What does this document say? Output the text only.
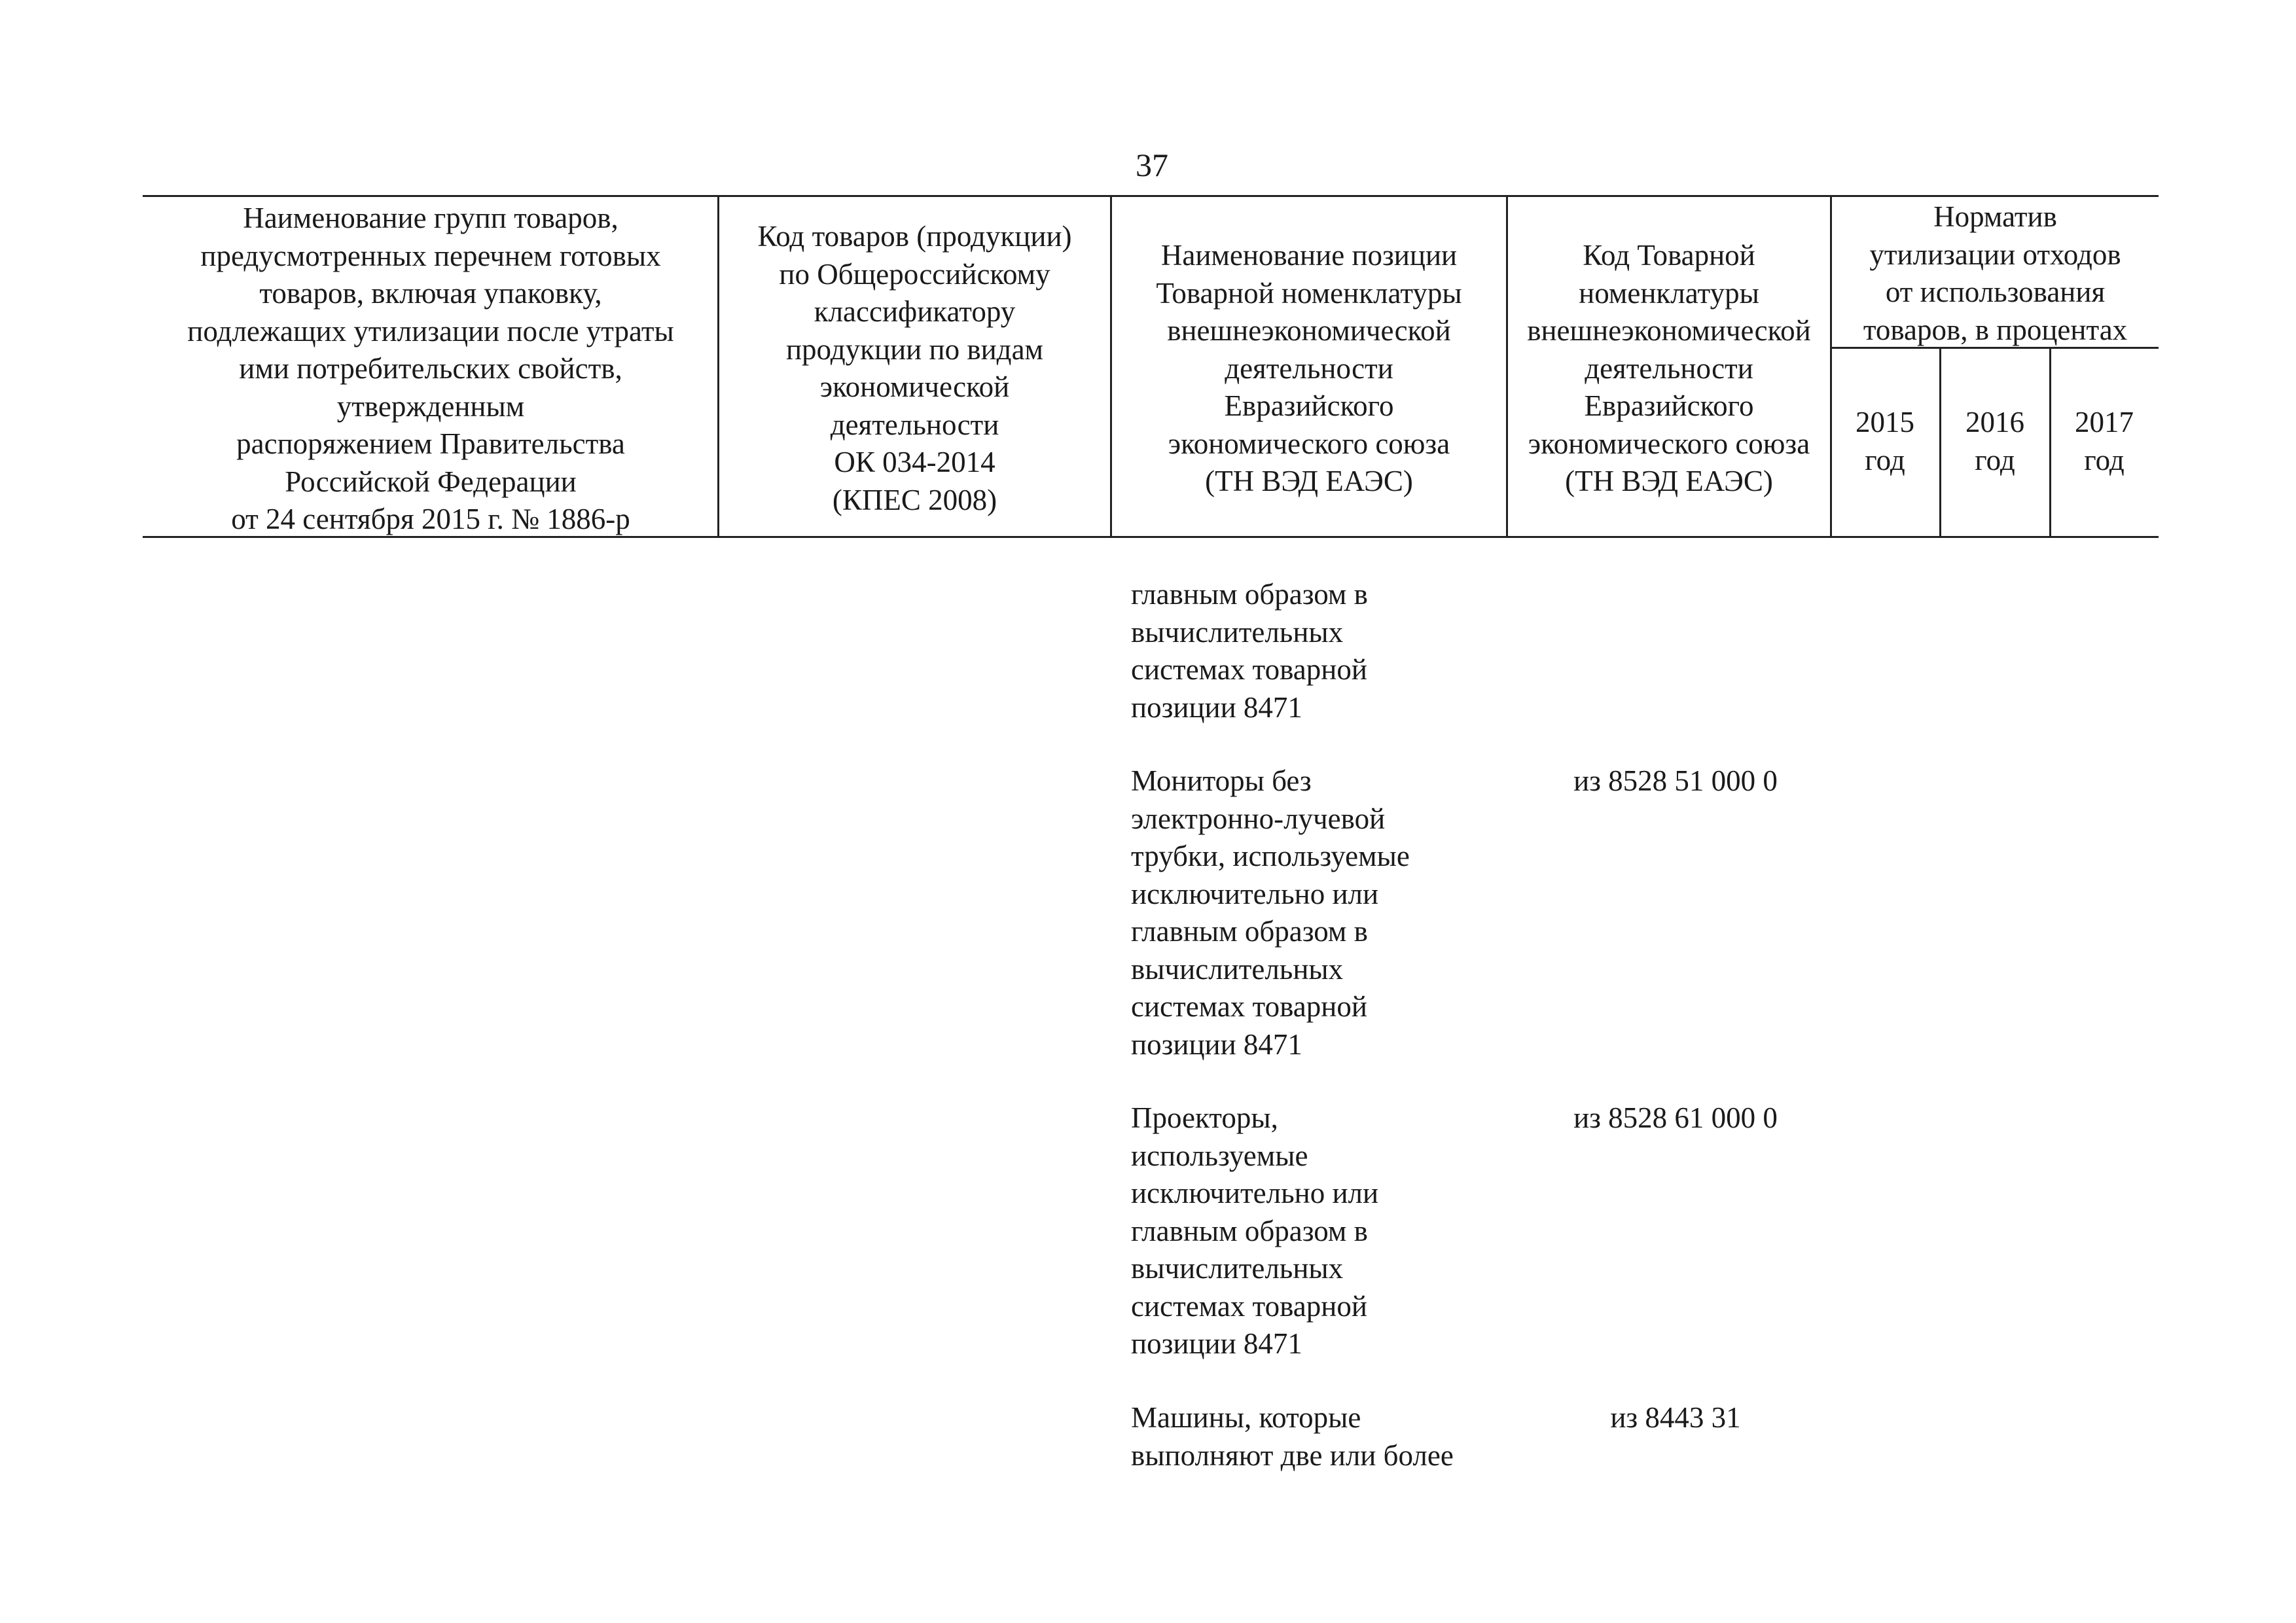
37
Наименование групп товаров,
предусмотренных перечнем готовых
товаров, включая упаковку,
подлежащих утилизации после утраты
ими потребительских свойств,
утвержденным
распоряжением Правительства
Российской Федерации
от 24 сентября 2015 г. № 1886-р
Код товаров (продукции)
по Общероссийскому
классификатору
продукции по видам
экономической
деятельности
ОК 034-2014
(КПЕС 2008)
Наименование позиции
Товарной номенклатуры
внешнеэкономической
деятельности
Евразийского
экономического союза
(ТН ВЭД ЕАЭС)
Код Товарной
номенклатуры
внешнеэкономической
деятельности
Евразийского
экономического союза
(ТН ВЭД ЕАЭС)
Норматив
утилизации отходов
от использования
товаров, в процентах
2015
год
2016
год
2017
год
главным образом в
вычислительных
системах товарной
позиции 8471
Мониторы без
электронно-лучевой
трубки, используемые
исключительно или
главным образом в
вычислительных
системах товарной
позиции 8471
из 8528 51 000 0
Проекторы,
используемые
исключительно или
главным образом в
вычислительных
системах товарной
позиции 8471
из 8528 61 000 0
Машины, которые
выполняют две или более
из 8443 31
